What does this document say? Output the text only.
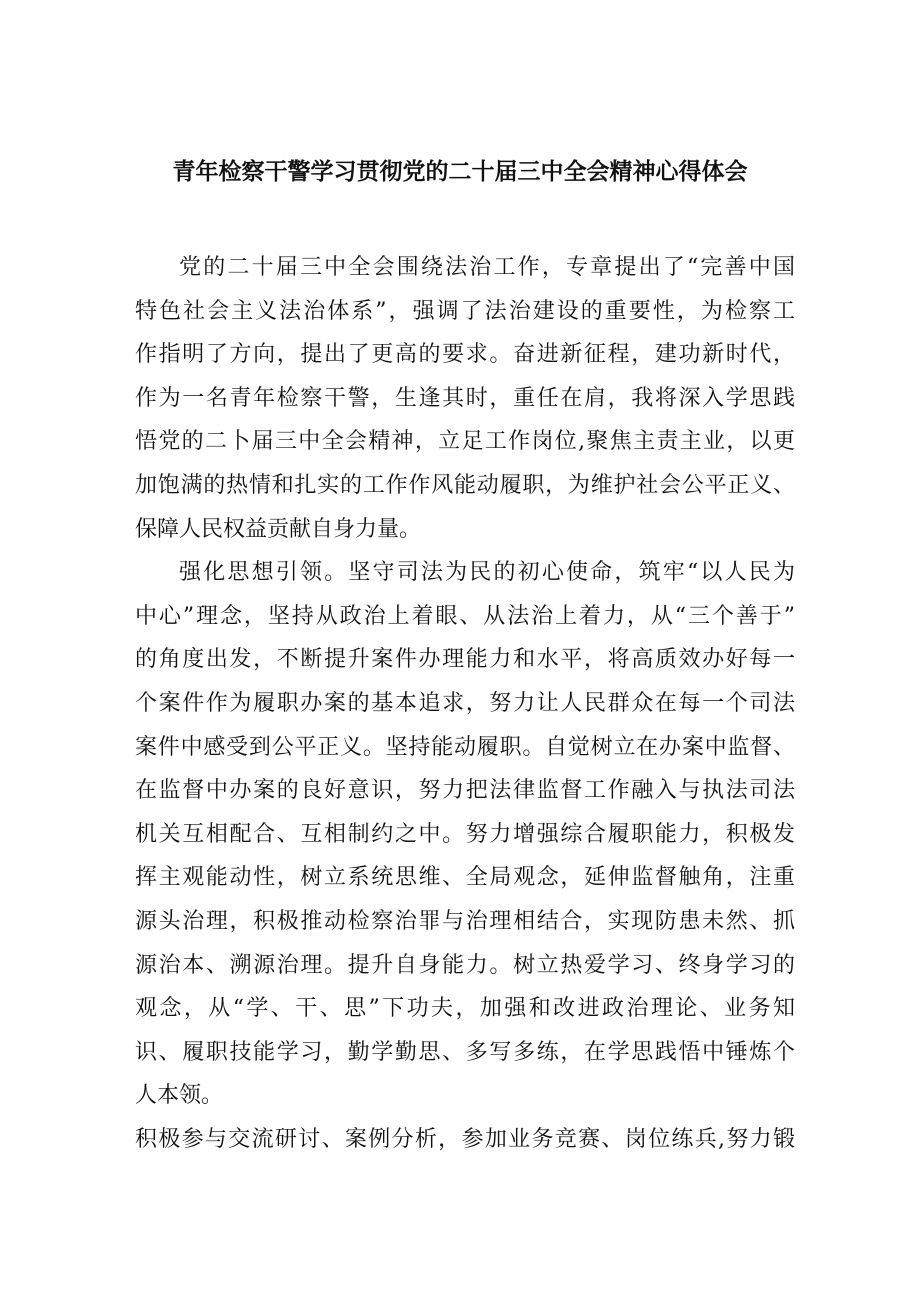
青年检察干警学习贯彻党的二十届三中全会精神心得体会
党的二十届三中全会围绕法治工作，专章提出了“完善中国
特色社会主义法治体系”，强调了法治建设的重要性，为检察工
作指明了方向，提出了更高的要求。奋进新征程，建功新时代，
作为一名青年检察干警，生逢其时，重任在肩，我将深入学思践
悟党的二卜届三中全会精神，立足工作岗位,聚焦主责主业，以更
加饱满的热情和扎实的工作作风能动履职，为维护社会公平正义、
保障人民权益贡献自身力量。
强化思想引领。坚守司法为民的初心使命，筑牢“以人民为
中心”理念，坚持从政治上着眼、从法治上着力，从“三个善于”
的角度出发，不断提升案件办理能力和水平，将高质效办好每一
个案件作为履职办案的基本追求，努力让人民群众在每一个司法
案件中感受到公平正义。坚持能动履职。自觉树立在办案中监督、
在监督中办案的良好意识，努力把法律监督工作融入与执法司法
机关互相配合、互相制约之中。努力增强综合履职能力，积极发
挥主观能动性，树立系统思维、全局观念，延伸监督触角，注重
源头治理，积极推动检察治罪与治理相结合，实现防患未然、抓
源治本、溯源治理。提升自身能力。树立热爱学习、终身学习的
观念，从“学、干、思”下功夫，加强和改进政治理论、业务知
识、履职技能学习，勤学勤思、多写多练，在学思践悟中锤炼个
人本领。
积极参与交流研讨、案例分析，参加业务竞赛、岗位练兵,努力锻
